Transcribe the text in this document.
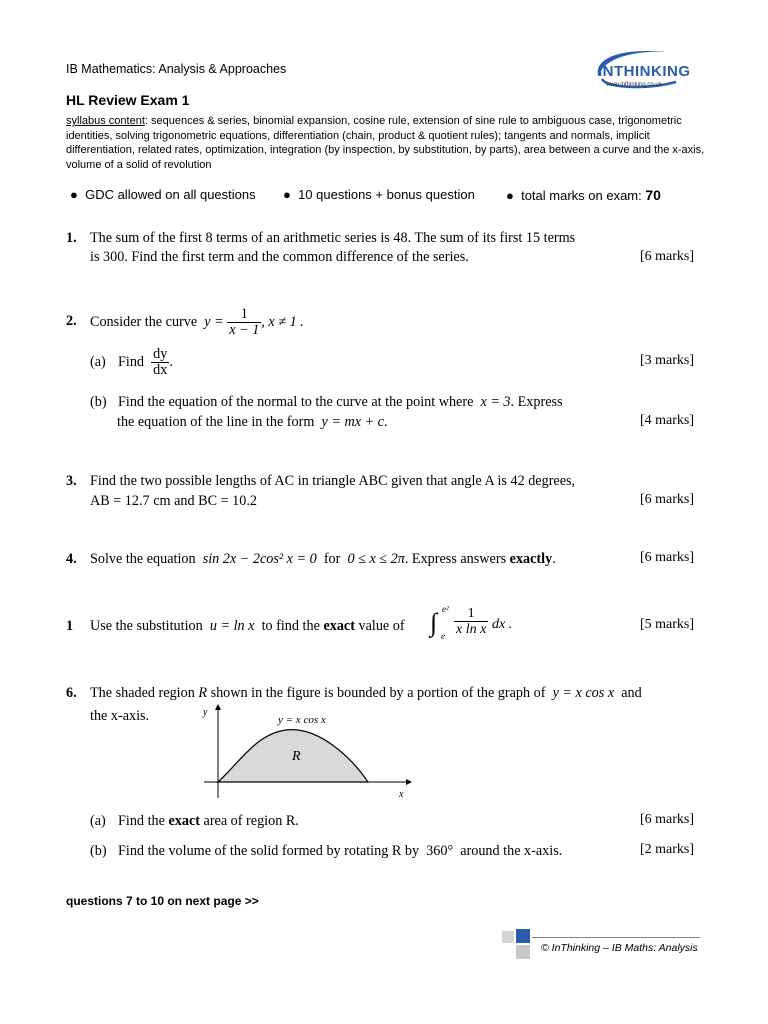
IB Mathematics: Analysis & Approaches
HL Review Exam 1
syllabus content: sequences & series, binomial expansion, cosine rule, extension of sine rule to ambiguous case, trigonometric identities, solving trigonometric equations, differentiation (chain, product & quotient rules); tangents and normals, implicit differentiation, related rates, optimization, integration (by inspection, by substitution, by parts), area between a curve and the x-axis, volume of a solid of revolution
INTHINKING
www.inthinking.co.uk
●  GDC allowed on all questions ●  10 questions + bonus question ●  total marks on exam: 70
1. The sum of the first 8 terms of an arithmetic series is 48. The sum of its first 15 terms
is 300. Find the first term and the common difference of the series.	[6 marks]
2. Consider the curve $y = \frac{1}{x - 1}$ , x ≠ 1 .
(a) Find $\frac{dy}{dx}$ .	[3 marks]
(b) Find the equation of the normal to the curve at the point where x = 3. Express
the equation of the line in the form y = mx + c.	[4 marks]
3. Find the two possible lengths of AC in triangle ABC given that angle A is 42 degrees,
AB = 12.7 cm and BC = 10.2	[6 marks]
4. Solve the equation sin 2x − 2cos² x = 0 for 0 ≤ x ≤ 2π. Express answers exactly.	[6 marks]
1 Use the substitution u = ln x to find the exact value of ∫ e²
e $\frac{1}{\text{x ln x}}$ dx .	[5 marks]
6. The shaded region R shown in the figure is bounded by a portion of the graph of y = x cos x and
the x-axis.	y
x
y = x cos x
R
(a) Find the exact area of region R.	[6 marks]
(b) Find the volume of the solid formed by rotating R by 360° around the x-axis.	[2 marks]
questions 7 to 10 on next page >>
© InThinking – IB Maths: Analysis
